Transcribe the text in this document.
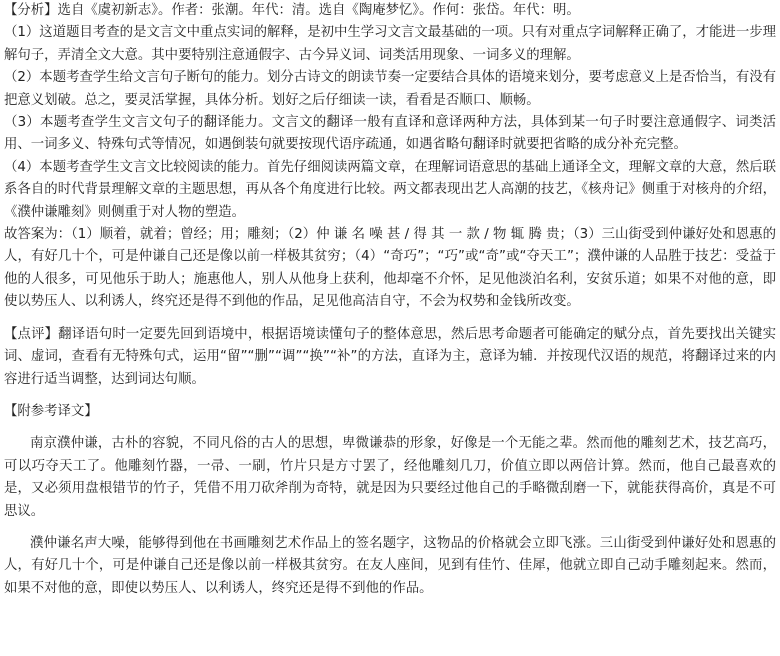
【分析】选自《虞初新志》。作者：张潮。年代：清。选自《陶庵梦忆》。作何：张岱。年代：明。

（1）这道题目考查的是文言文中重点实词的解释，是初中生学习文言文最基础的一项。只有对重点字词解释正确了，才能进一步理解句子，弄清全文大意。其中要特别注意通假字、古今异义词、词类活用现象、一词多义的理解。

（2）本题考查学生给文言句子断句的能力。划分古诗文的朗读节奏一定要结合具体的语境来划分，要考虑意义上是否恰当，有没有把意义划破。总之，要灵活掌握，具体分析。划好之后仔细读一读，看看是否顺口、顺畅。

（3）本题考查学生文言文句子的翻译能力。文言文的翻译一般有直译和意译两种方法，具体到某一句子时要注意通假字、词类活用、一词多义、特殊句式等情况，如遇倒装句就要按现代语序疏通，如遇省略句翻译时就要把省略的成分补充完整。

（4）本题考查学生文言文比较阅读的能力。首先仔细阅读两篇文章，在理解词语意思的基础上通译全文，理解文章的大意，然后联系各自的时代背景理解文章的主题思想，再从各个角度进行比较。两文都表现出艺人高潮的技艺，《核舟记》侧重于对核舟的介绍，《濮仲谦雕刻》则侧重于对人物的塑造。

故答案为：（1）顺着，就着；曾经；用；雕刻；（2）仲 谦 名 噪 甚 / 得 其 一 款 / 物 辄 腾 贵；（3）三山街受到仲谦好处和恩惠的人，有好几十个，可是仲谦自己还是像以前一样极其贫穷；（4）“奇巧”；“巧”或“奇”或“夺天工”；濮仲谦的人品胜于技艺：受益于他的人很多，可见他乐于助人；施惠他人，别人从他身上获利，他却毫不介怀，足见他淡泊名利，安贫乐道；如果不对他的意，即使以势压人、以利诱人，终究还是得不到他的作品，足见他高洁自守，不会为权势和金钱所改变。

【点评】翻译语句时一定要先回到语境中，根据语境读懂句子的整体意思，然后思考命题者可能确定的赋分点，首先要找出关键实词、虚词，查看有无特殊句式，运用“留”“删”“调”“换”“补”的方法，直译为主，意译为辅．并按现代汉语的规范，将翻译过来的内容进行适当调整，达到词达句顺。

【附参考译文】

南京濮仲谦，古朴的容貌，不同凡俗的古人的思想，卑微谦恭的形象，好像是一个无能之辈。然而他的雕刻艺术，技艺高巧，可以巧夺天工了。他雕刻竹器，一帚、一刷，竹片只是方寸罢了，经他雕刻几刀，价值立即以两倍计算。然而，他自己最喜欢的是，又必须用盘根错节的竹子，凭借不用刀砍斧削为奇特，就是因为只要经过他自己的手略微刮磨一下，就能获得高价，真是不可思议。

濮仲谦名声大噪，能够得到他在书画雕刻艺术作品上的签名题字，这物品的价格就会立即飞涨。三山街受到仲谦好处和恩惠的人，有好几十个，可是仲谦自己还是像以前一样极其贫穷。在友人座间，见到有佳竹、佳犀，他就立即自己动手雕刻起来。然而，如果不对他的意，即使以势压人、以利诱人，终究还是得不到他的作品。
